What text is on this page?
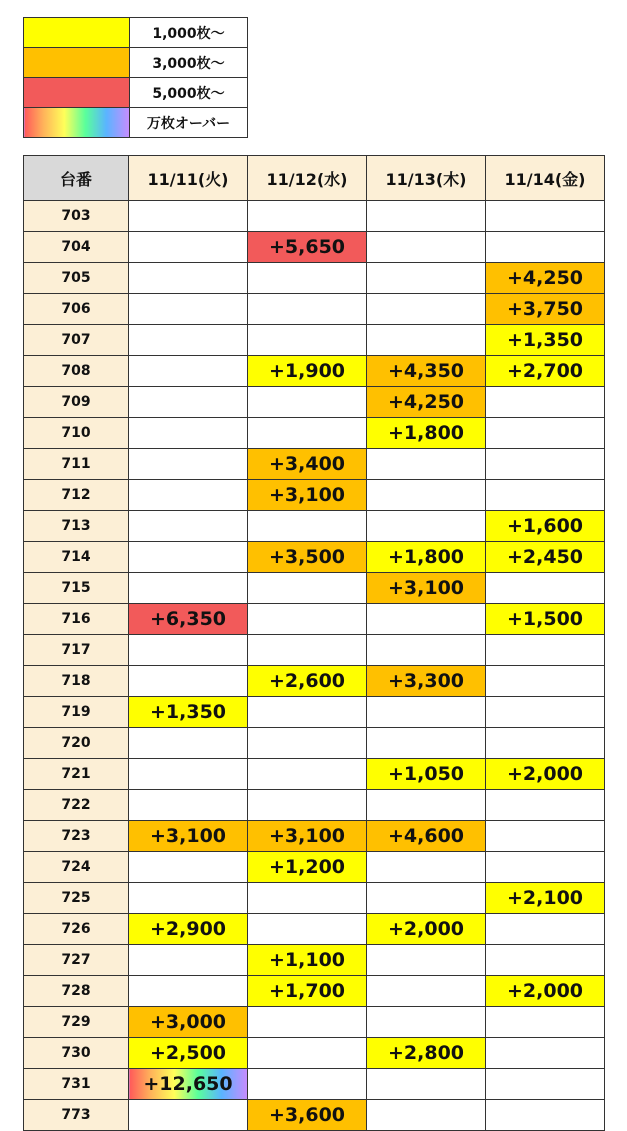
	1,000枚〜
	3,000枚〜
	5,000枚〜
	万枚オーバー
台番	11/11(火)	11/12(水)	11/13(木)	11/14(金)
703				
704		+5,650		
705				+4,250
706				+3,750
707				+1,350
708		+1,900	+4,350	+2,700
709			+4,250	
710			+1,800	
711		+3,400		
712		+3,100		
713				+1,600
714		+3,500	+1,800	+2,450
715			+3,100	
716	+6,350			+1,500
717				
718		+2,600	+3,300	
719	+1,350			
720				
721			+1,050	+2,000
722				
723	+3,100	+3,100	+4,600	
724		+1,200		
725				+2,100
726	+2,900		+2,000	
727		+1,100		
728		+1,700		+2,000
729	+3,000			
730	+2,500		+2,800	
731	+12,650			
773		+3,600		
